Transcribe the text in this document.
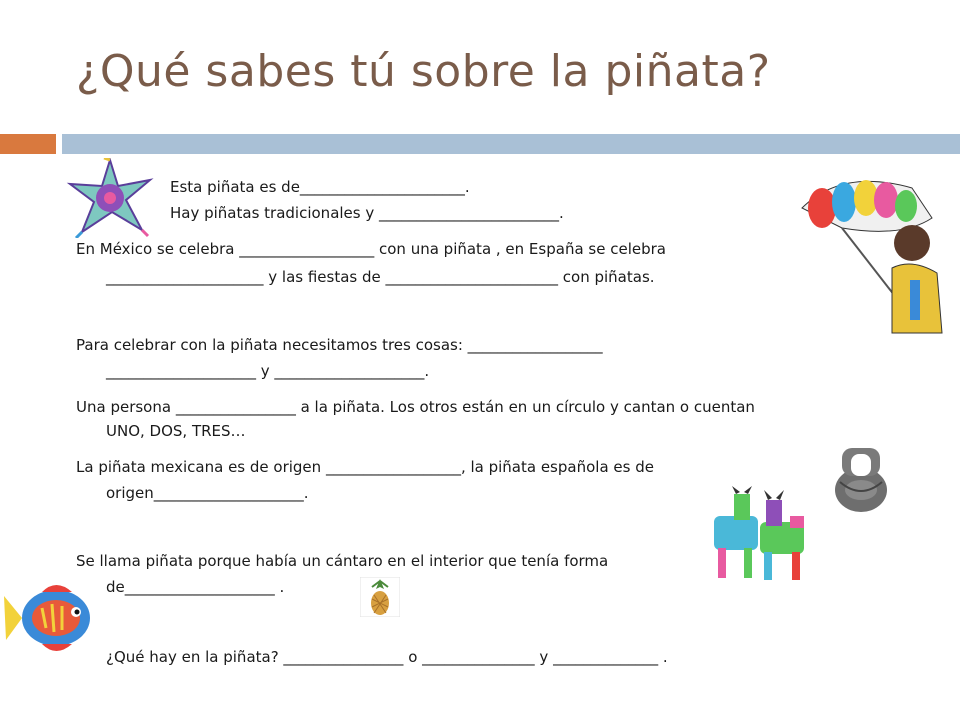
¿Qué sabes tú sobre la piñata?
Esta piñata es de______________________.
Hay piñatas tradicionales y ________________________.
En México se celebra __________________ con una piñata , en España se celebra
_____________________ y las fiestas de _______________________ con piñatas.
Para celebrar con la piñata necesitamos tres cosas: __________________
____________________ y ____________________.
Una persona ________________ a la piñata. Los otros están en un círculo y cantan o cuentan
UNO, DOS, TRES…
La piñata mexicana es de origen __________________, la piñata española es de
origen____________________.
Se llama piñata porque había un cántaro en el interior que tenía forma
de____________________ .
¿Qué hay en la piñata? ________________ o _______________ y ______________ .
